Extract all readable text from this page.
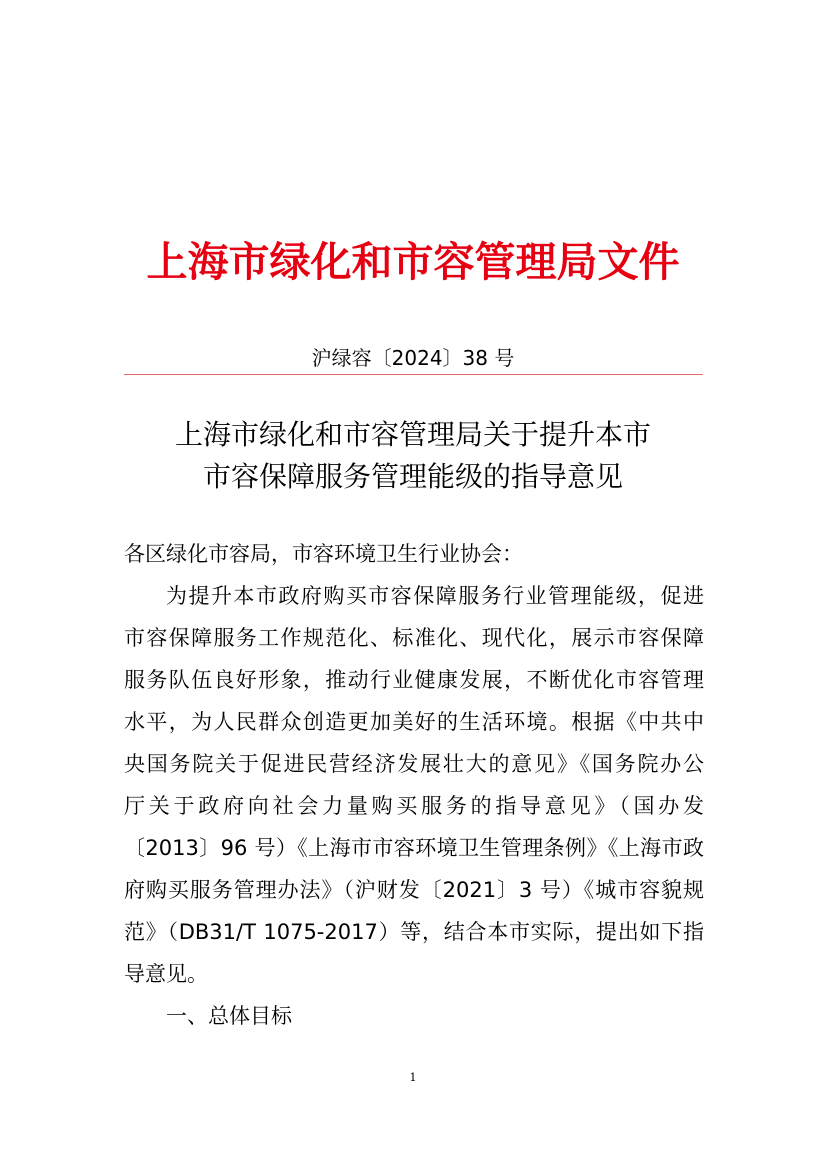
上海市绿化和市容管理局文件
沪绿容〔2024〕38 号
上海市绿化和市容管理局关于提升本市
市容保障服务管理能级的指导意见
各区绿化市容局，市容环境卫生行业协会：
为提升本市政府购买市容保障服务行业管理能级，促进
市容保障服务工作规范化、标准化、现代化，展示市容保障
服务队伍良好形象，推动行业健康发展，不断优化市容管理
水平，为人民群众创造更加美好的生活环境。根据《中共中
央国务院关于促进民营经济发展壮大的意见》《国务院办公
厅关于政府向社会力量购买服务的指导意见》（国办发
〔2013〕96 号）《上海市市容环境卫生管理条例》《上海市政
府购买服务管理办法》（沪财发〔2021〕3 号）《城市容貌规
范》（DB31/T 1075-2017）等，结合本市实际，提出如下指
导意见。
一、总体目标
1
